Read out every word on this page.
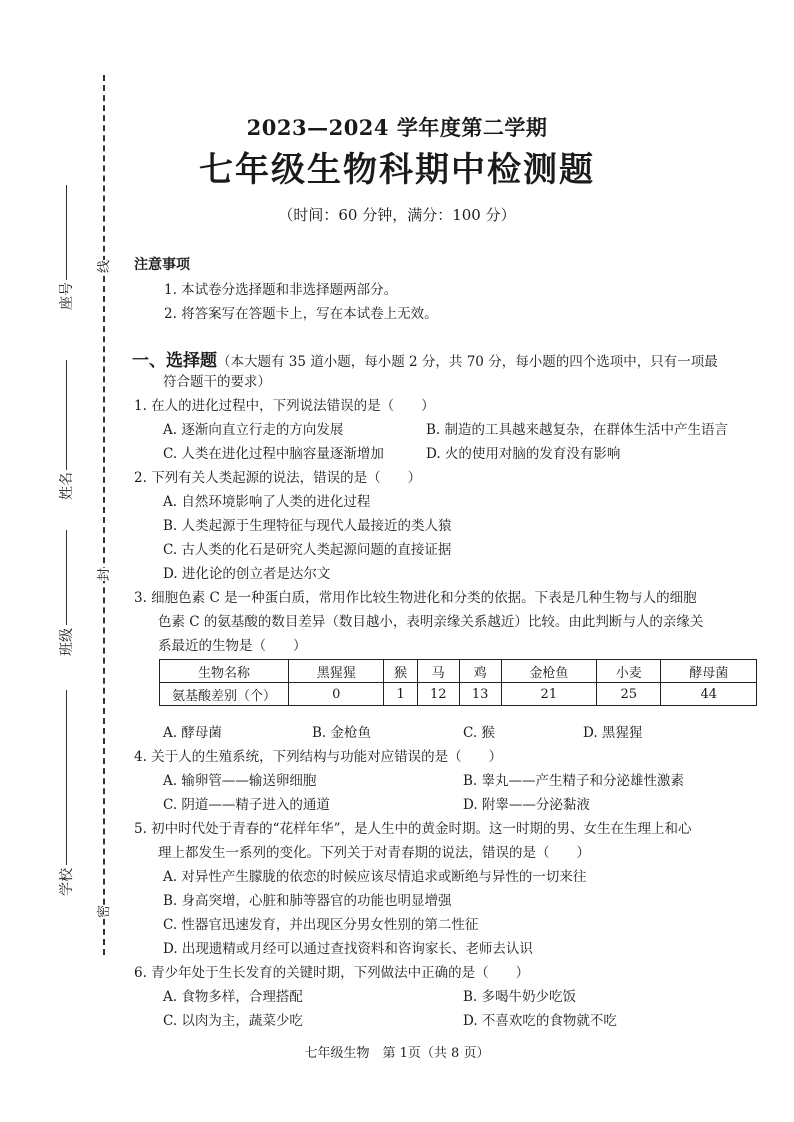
线
封
密
座号
姓名
班级
学校
2023—2024 学年度第二学期
七年级生物科期中检测题
（时间：60 分钟，满分：100 分）
注意事项
1. 本试卷分选择题和非选择题两部分。
2. 将答案写在答题卡上，写在本试卷上无效。
一、选择题（本大题有 35 道小题，每小题 2 分，共 70 分，每小题的四个选项中，只有一项最
符合题干的要求）
1. 在人的进化过程中，下列说法错误的是（　　）
A. 逐渐向直立行走的方向发展	B. 制造的工具越来越复杂，在群体生活中产生语言
C. 人类在进化过程中脑容量逐渐增加	D. 火的使用对脑的发育没有影响
2. 下列有关人类起源的说法，错误的是（　　）
A. 自然环境影响了人类的进化过程
B. 人类起源于生理特征与现代人最接近的类人猿
C. 古人类的化石是研究人类起源问题的直接证据
D. 进化论的创立者是达尔文
3. 细胞色素 C 是一种蛋白质，常用作比较生物进化和分类的依据。下表是几种生物与人的细胞
色素 C 的氨基酸的数目差异（数目越小，表明亲缘关系越近）比较。由此判断与人的亲缘关
系最近的生物是（　　）
生物名称	黑猩猩	猴	马	鸡	金枪鱼	小麦	酵母菌
氨基酸差别（个）	0	1	12	13	21	25	44
A. 酵母菌	B. 金枪鱼	C. 猴	D. 黑猩猩
4. 关于人的生殖系统，下列结构与功能对应错误的是（　　）
A. 输卵管——输送卵细胞	B. 睾丸——产生精子和分泌雄性激素
C. 阴道——精子进入的通道	D. 附睾——分泌黏液
5. 初中时代处于青春的“花样年华”，是人生中的黄金时期。这一时期的男、女生在生理上和心
理上都发生一系列的变化。下列关于对青春期的说法，错误的是（　　）
A. 对异性产生朦胧的依恋的时候应该尽情追求或断绝与异性的一切来往
B. 身高突增，心脏和肺等器官的功能也明显增强
C. 性器官迅速发育，并出现区分男女性别的第二性征
D. 出现遗精或月经可以通过查找资料和咨询家长、老师去认识
6. 青少年处于生长发育的关键时期，下列做法中正确的是（　　）
A. 食物多样，合理搭配	B. 多喝牛奶少吃饭
C. 以肉为主，蔬菜少吃	D. 不喜欢吃的食物就不吃
七年级生物　第 1页（共 8 页）
